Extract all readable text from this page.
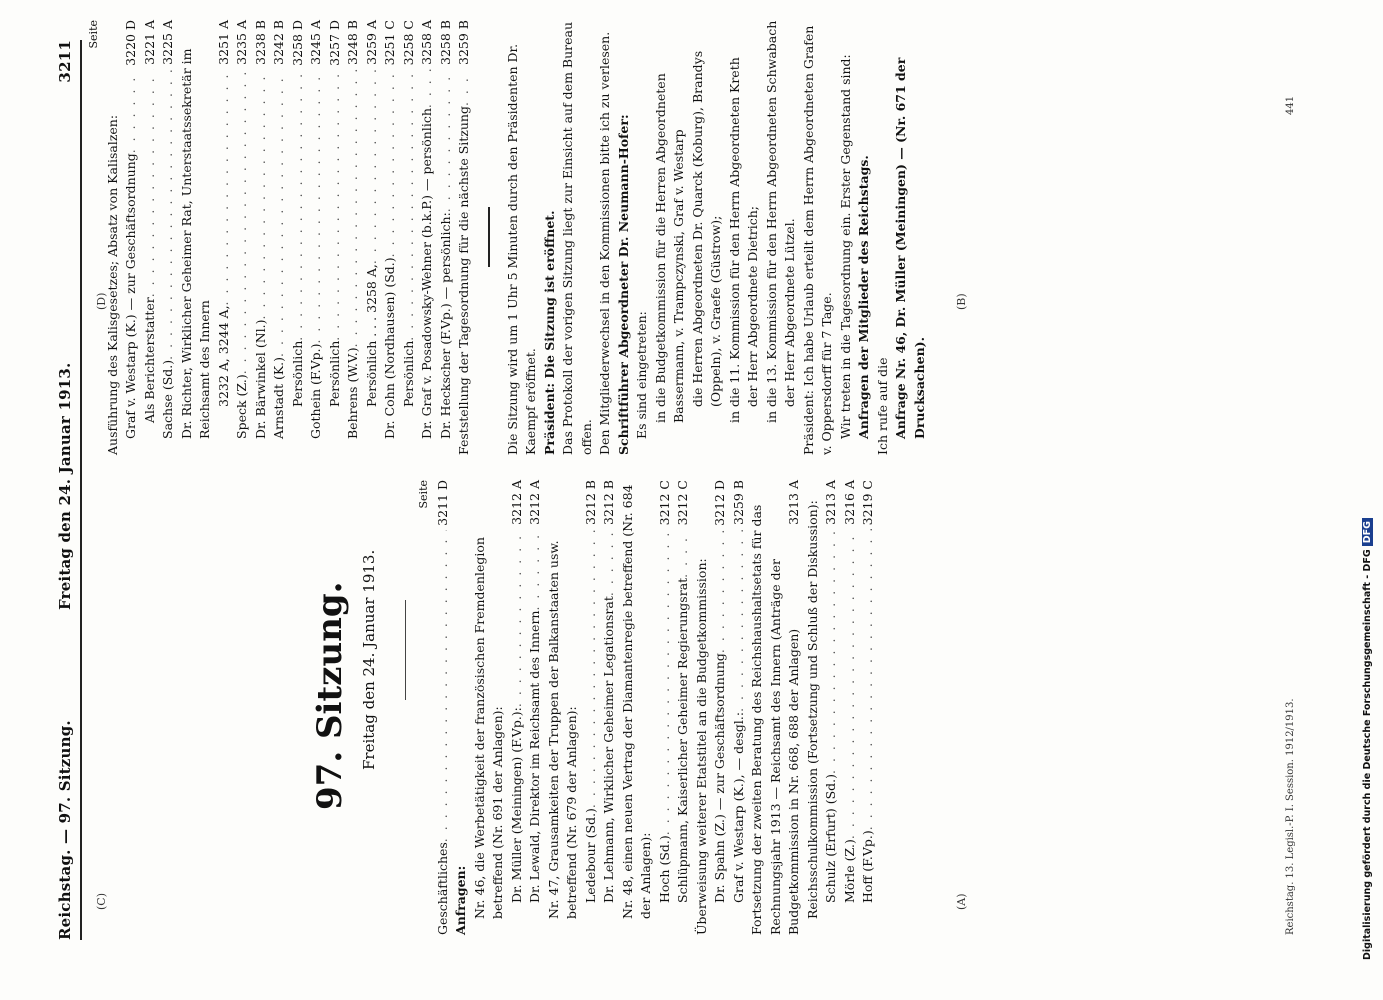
Reichstag. — 97. Sitzung.
Freitag den 24. Januar 1913.
3211
(A)
(B)
(C)
(D)
97. Sitzung. Freitag den 24. Januar 1913.
Seite
Geschäftliches
. . .
3211 D
Anfragen: Nr. 46, die Werbetätigkeit der französischen Fremdenlegion betreffend (Nr. 691 der Anlagen): Dr. Müller (Meiningen) (F.Vp.):
. . .
3212 A
Dr. Lewald, Direktor im Reichsamt des Innern
. . .
3212 A
Nr. 47, Grausamkeiten der Truppen der Balkanstaaten usw. betreffend (Nr. 679 der Anlagen): Ledebour (Sd.)
. . .
3212 B
Dr. Lehmann, Wirklicher Geheimer Legationsrat
. . .
3212 B Nr. 48, einen neuen Vertrag der Diamantenregie betreffend (Nr. 684 der Anlagen): Hoch (Sd.)
. . .
3212 C
Schlüpmann, Kaiserlicher Geheimer Regierungsrat
. . .
3212 C
Überweisung weiterer Etatstitel an die Budgetkommission: Dr. Spahn (Z.) — zur Geschäftsordnung
. . .
3212 D
Graf v. Westarp (K.), — desgl.:
. . .
3259 B
Fortsetzung der zweiten Beratung des Reichshaushaltsetats für das Rechnungsjahr 1913 — Reichsamt des Innern (Anträge der Budgetkommission in Nr. 668, 688 der Anlagen)
3213 A Reichsschulkommission (Fortsetzung und Schluß der Diskussion): Schulz (Erfurt) (Sd.)
. . .
3213 A
Mörle (Z.)
. . .
3216 A
Hoff (F.Vp.)
. . .
3219 C
Seite
Ausführung des Kalisgesetzes; Absatz von Kalisalzen: Graf v. Westarp (K.) — zur Geschäftsordnung
. . .
3220 D
Als Berichterstatter
. . .
3221 A
Sachse (Sd.)
. . .
3225 A
Dr. Richter, Wirklicher Geheimer Rat, Unterstaatssekretär im Reichsamt des Innern 3232 A, 3244 A,
. . .
3251 A
Speck (Z.)
. . .
3235 A
Dr. Bärwinkel (Nl.)
. . .
3238 B
Arnstadt (K.)
. . .
3242 B
Persönlich
. . .
3258 D
Gothein (F.Vp.)
. . .
3245 A
Persönlich
. . .
3257 D
Behrens (W.V.)
. . .
3248 B
Persönlich . . . 3258 A,
. . .
3259 A
Dr. Cohn (Nordhausen) (Sd.)
. . .
3251 C
Persönlich
. . .
3258 C
Dr. Graf v. Posadowsky-Wehner (b.k.P.) — persönlich
. . .
3258 A
Dr. Heckscher (F.Vp.) — persönlich:
. . .
3258 B
Feststellung der Tagesordnung für die nächste Sitzung
. . .
3259 B
Die Sitzung wird um 1 Uhr 5 Minuten durch den Präsidenten Dr. Kaempf eröffnet. Präsident: Die Sitzung ist eröffnet. Das Protokoll der vorigen Sitzung liegt zur Einsicht auf dem Bureau offen. Den Mitgliederwechsel in den Kommissionen bitte ich zu verlesen. Schriftführer Abgeordneter Dr. Neumann-Hofer: Es sind eingetreten: in die Budgetkommission für die Herren Abgeordneten Bassermann, v. Trampczynski, Graf v. Westarp die Herren Abgeordneten Dr. Quarck (Koburg), Brandys (Oppeln), v. Graefe (Güstrow); in die 11. Kommission für den Herrn Abgeordneten Kreth der Herr Abgeordnete Dietrich; in die 13. Kommission für den Herrn Abgeordneten Schwabach der Herr Abgeordnete Lützel. Präsident: Ich habe Urlaub erteilt dem Herrn Abgeordneten Grafen v. Oppersdorff für 7 Tage. Wir treten in die Tagesordnung ein. Erster Gegenstand sind: Anfragen der Mitglieder des Reichstags. Ich rufe auf die Anfrage Nr. 46, Dr. Müller (Meiningen) — (Nr. 671 der Drucksachen).
Reichstag. 13. Legisl.-P. I. Session. 1912/1913.
441
Digitalisierung gefördert durch die Deutsche Forschungsgemeinschaft - DFGDFG
